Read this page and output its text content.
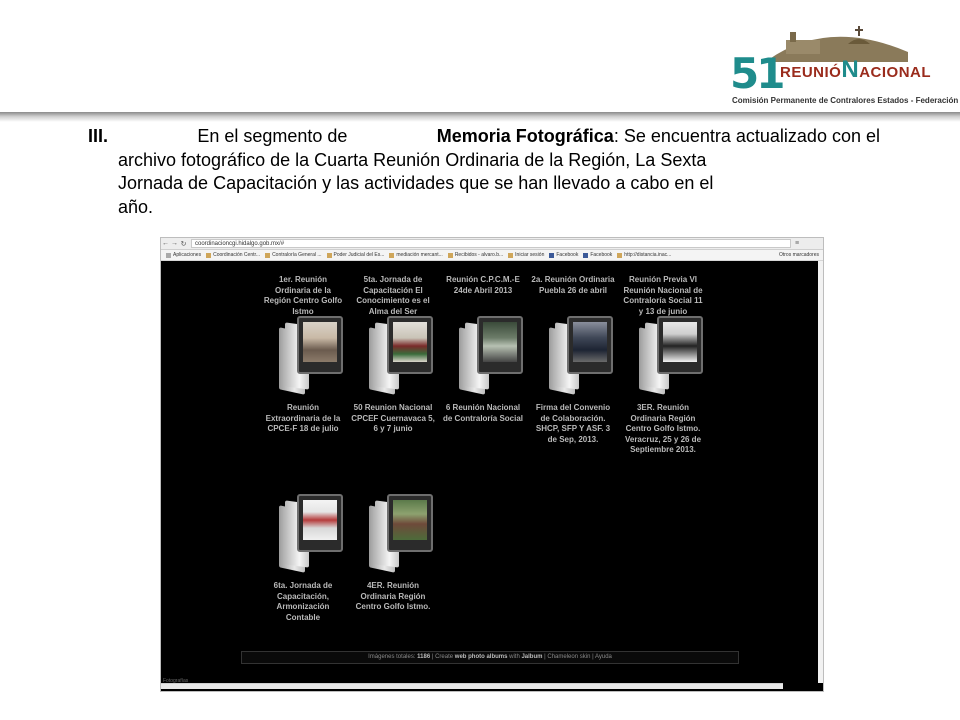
51
REUNIÓNACIONAL
Comisión Permanente de Contralores Estados - Federación
III.	En el segmento de	Memoria Fotográfica: Se encuentra actualizado con el
archivo fotográfico de la Cuarta Reunión Ordinaria de la Región, La Sexta
Jornada de Capacitación y las actividades que se han llevado a cabo en el
año.
← → ↻	coordinacioncgi.hidalgo.gob.mx/#	≡
Aplicaciones Coordinación Centr... Contraloría General ... Poder Judicial del Es... mediación mercant... Recibidos - alvaro.b... Iniciar sesión Facebook Facebook http://distancia.inac...	Otros marcadores
1er. Reunión Ordinaria de la Región Centro Golfo Istmo
5ta. Jornada de Capacitación El Conocimiento es el Alma del Ser
Reunión C.P.C.M.-E 24de Abril 2013
2a. Reunión Ordinaria Puebla 26 de abril
Reunión Previa VI Reunión Nacional de Contraloría Social 11 y 13 de junio
Reunión Extraordinaria de la CPCE-F 18 de julio
50 Reunion Nacional CPCEF Cuernavaca 5, 6 y 7 junio
6 Reunión Nacional de Contraloría Social
Firma del Convenio de Colaboración. SHCP, SFP Y ASF. 3 de Sep, 2013.
3ER. Reunión Ordinaria Región Centro Golfo Istmo. Veracruz, 25 y 26 de Septiembre 2013.
6ta. Jornada de Capacitación, Armonización Contable
4ER. Reunión Ordinaria Región Centro Golfo Istmo.
Imágenes totales: 1186 | Create web photo albums with Jalbum | Chameleon skin | Ayuda
Fotografías
